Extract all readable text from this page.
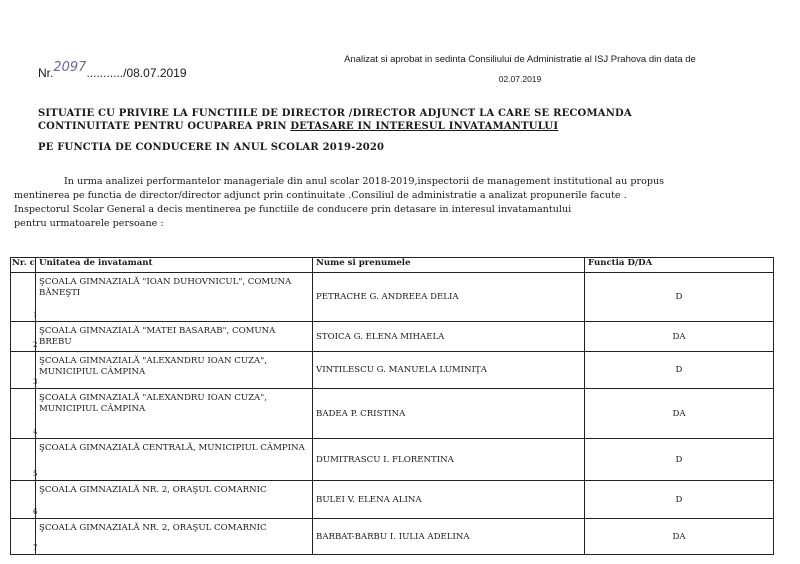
Analizat si aprobat in sedinta Consiliului de Administratie al ISJ Prahova din data de
02.07.2019
Nr.2097.........../08.07.2019
SITUATIE CU PRIVIRE LA FUNCTIILE DE DIRECTOR /DIRECTOR ADJUNCT LA CARE SE RECOMANDA
CONTINUITATE PENTRU OCUPAREA PRIN DETASARE IN INTERESUL INVATAMANTULUI
PE FUNCTIA DE CONDUCERE IN ANUL SCOLAR 2019-2020
In urma analizei performantelor manageriale din anul scolar 2018-2019,inspectorii de management institutional au propus
mentinerea pe functia de director/director adjunct prin continuitate .Consiliul de administratie a analizat propunerile facute .
Inspectorul Scolar General a decis mentinerea pe functiile de conducere prin detasare in interesul invatamantului
pentru urmatoarele persoane :
Nr. c	Unitatea de invatamant	Nume si prenumele	Functia D/DA

1	ŞCOALA GIMNAZIALĂ "IOAN DUHOVNICUL", COMUNA BĂNEŞTI	PETRACHE G. ANDREEA DELIA	D

2	ŞCOALA GIMNAZIALĂ "MATEI BASARAB", COMUNA BREBU	STOICA G. ELENA MIHAELA	DA

3	ŞCOALA GIMNAZIALĂ "ALEXANDRU IOAN CUZA", MUNICIPIUL CÂMPINA	VINTILESCU G. MANUELA LUMINIŢA	D

4	ŞCOALA GIMNAZIALĂ "ALEXANDRU IOAN CUZA", MUNICIPIUL CÂMPINA	BADEA P. CRISTINA	DA

5	ŞCOALA GIMNAZIALĂ CENTRALĂ, MUNICIPIUL CÂMPINA	DUMITRASCU I. FLORENTINA	D

6	ŞCOALA GIMNAZIALĂ NR. 2, ORAŞUL COMARNIC	BULEI V. ELENA ALINA	D

7	ŞCOALA GIMNAZIALĂ NR. 2, ORAŞUL COMARNIC	BARBAT-BARBU I. IULIA ADELINA	DA
